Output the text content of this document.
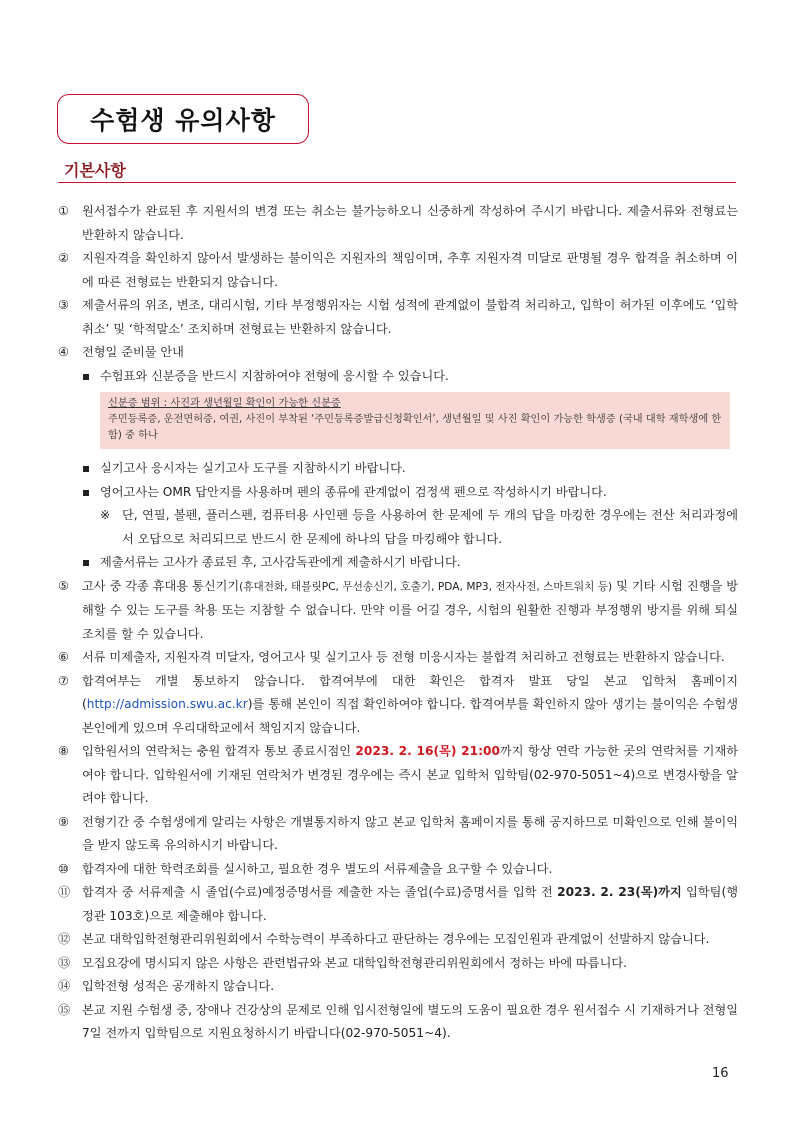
수험생 유의사항
기본사항
① 원서접수가 완료된 후 지원서의 변경 또는 취소는 불가능하오니 신중하게 작성하여 주시기 바랍니다. 제출서류와 전형료는 반환하지 않습니다.
② 지원자격을 확인하지 않아서 발생하는 불이익은 지원자의 책임이며, 추후 지원자격 미달로 판명될 경우 합격을 취소하며 이에 따른 전형료는 반환되지 않습니다.
③ 제출서류의 위조, 변조, 대리시험, 기타 부정행위자는 시험 성적에 관계없이 불합격 처리하고, 입학이 허가된 이후에도 ‘입학취소’ 및 ‘학적말소’ 조치하며 전형료는 반환하지 않습니다.
④ 전형일 준비물 안내
수험표와 신분증을 반드시 지참하여야 전형에 응시할 수 있습니다.
신분증 범위 : 사진과 생년월일 확인이 가능한 신분증
주민등록증, 운전면허증, 여권, 사진이 부착된 ‘주민등록증발급신청확인서’, 생년월일 및 사진 확인이 가능한 학생증 (국내 대학 재학생에 한함) 중 하나
실기고사 응시자는 실기고사 도구를 지참하시기 바랍니다.
영어고사는 OMR 답안지를 사용하며 펜의 종류에 관계없이 검정색 펜으로 작성하시기 바랍니다.
※ 단, 연필, 볼펜, 플러스펜, 컴퓨터용 사인펜 등을 사용하여 한 문제에 두 개의 답을 마킹한 경우에는 전산 처리과정에서 오답으로 처리되므로 반드시 한 문제에 하나의 답을 마킹해야 합니다.
제출서류는 고사가 종료된 후, 고사감독관에게 제출하시기 바랍니다.
⑤ 고사 중 각종 휴대용 통신기기(휴대전화, 태블릿PC, 무선송신기, 호출기, PDA, MP3, 전자사전, 스마트워치 등) 및 기타 시험 진행을 방해할 수 있는 도구를 착용 또는 지참할 수 없습니다. 만약 이를 어길 경우, 시험의 원활한 진행과 부정행위 방지를 위해 퇴실조치를 할 수 있습니다.
⑥ 서류 미제출자, 지원자격 미달자, 영어고사 및 실기고사 등 전형 미응시자는 불합격 처리하고 전형료는 반환하지 않습니다.
⑦ 합격여부는 개별 통보하지 않습니다. 합격여부에 대한 확인은 합격자 발표 당일 본교 입학처 홈페이지 (http://admission.swu.ac.kr)를 통해 본인이 직접 확인하여야 합니다. 합격여부를 확인하지 않아 생기는 불이익은 수험생 본인에게 있으며 우리대학교에서 책임지지 않습니다.
⑧ 입학원서의 연락처는 충원 합격자 통보 종료시점인 2023. 2. 16(목) 21:00까지 항상 연락 가능한 곳의 연락처를 기재하여야 합니다. 입학원서에 기재된 연락처가 변경된 경우에는 즉시 본교 입학처 입학팀(02-970-5051~4)으로 변경사항을 알려야 합니다.
⑨ 전형기간 중 수험생에게 알리는 사항은 개별통지하지 않고 본교 입학처 홈페이지를 통해 공지하므로 미확인으로 인해 불이익을 받지 않도록 유의하시기 바랍니다.
⑩ 합격자에 대한 학력조회를 실시하고, 필요한 경우 별도의 서류제출을 요구할 수 있습니다.
⑪ 합격자 중 서류제출 시 졸업(수료)예정증명서를 제출한 자는 졸업(수료)증명서를 입학 전 2023. 2. 23(목)까지 입학팀(행정관 103호)으로 제출해야 합니다.
⑫ 본교 대학입학전형관리위원회에서 수학능력이 부족하다고 판단하는 경우에는 모집인원과 관계없이 선발하지 않습니다.
⑬ 모집요강에 명시되지 않은 사항은 관련법규와 본교 대학입학전형관리위원회에서 정하는 바에 따릅니다.
⑭ 입학전형 성적은 공개하지 않습니다.
⑮ 본교 지원 수험생 중, 장애나 건강상의 문제로 인해 입시전형일에 별도의 도움이 필요한 경우 원서접수 시 기재하거나 전형일 7일 전까지 입학팀으로 지원요청하시기 바랍니다(02-970-5051~4).
16
